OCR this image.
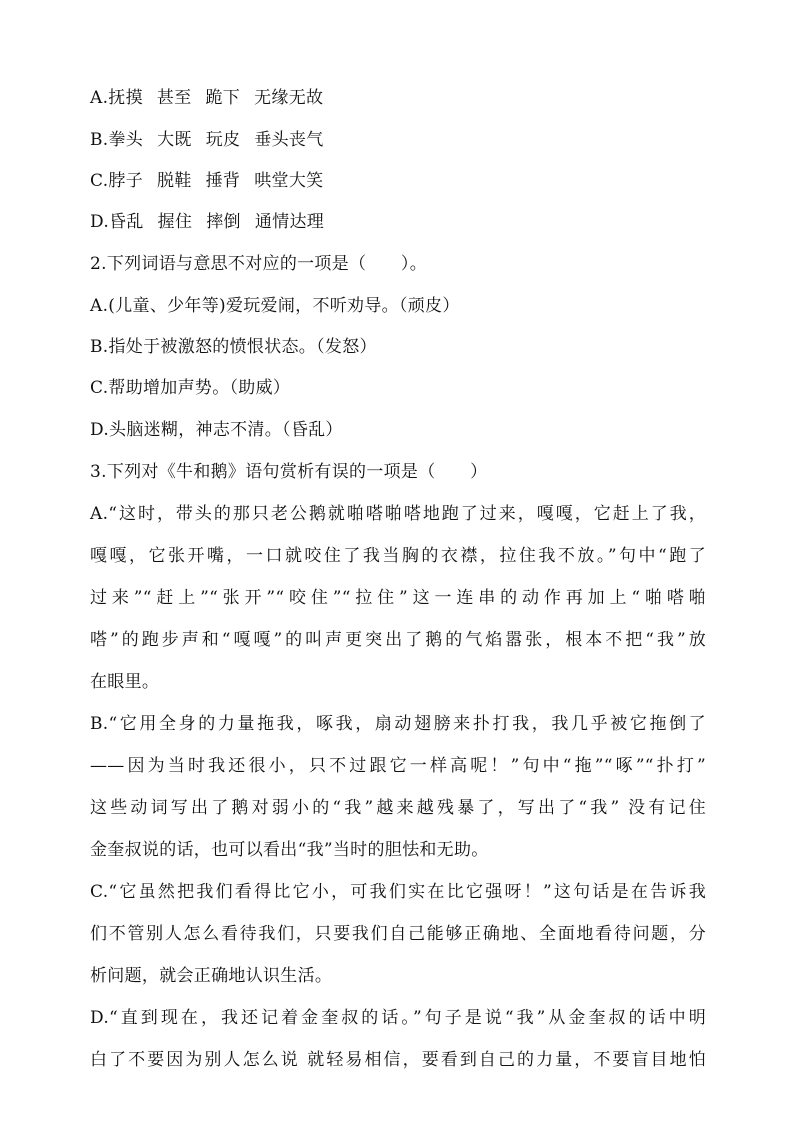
A.抚摸 甚至 跪下 无缘无故
B.拳头 大既 玩皮 垂头丧气
C.脖子 脱鞋 捶背 哄堂大笑
D.昏乱 握住 摔倒 通情达理
2.下列词语与意思不对应的一项是（　　）。
A.(儿童、少年等)爱玩爱闹，不听劝导。（顽皮）
B.指处于被激怒的愤恨状态。（发怒）
C.帮助增加声势。（助威）
D.头脑迷糊，神志不清。（昏乱）
3.下列对《牛和鹅》语句赏析有误的一项是（　　）
A.“这时，带头的那只老公鹅就啪嗒啪嗒地跑了过来，嘎嘎，它赶上了我，
嘎嘎，它张开嘴，一口就咬住了我当胸的衣襟，拉住我不放。”句中“跑了
过来”“赶上”“张开”“咬住”“拉住”这一连串的动作再加上“啪嗒啪
嗒”的跑步声和“嘎嘎”的叫声更突出了鹅的气焰嚣张，根本不把“我”放
在眼里。
B.“它用全身的力量拖我，啄我，扇动翅膀来扑打我，我几乎被它拖倒了
——因为当时我还很小，只不过跟它一样高呢！”句中“拖”“啄”“扑打”
这些动词写出了鹅对弱小的“我”越来越残暴了，写出了“我” 没有记住
金奎叔说的话，也可以看出“我”当时的胆怯和无助。
C.“它虽然把我们看得比它小，可我们实在比它强呀！”这句话是在告诉我
们不管别人怎么看待我们，只要我们自己能够正确地、全面地看待问题，分
析问题，就会正确地认识生活。
D.“直到现在，我还记着金奎叔的话。”句子是说“我”从金奎叔的话中明
白了不要因为别人怎么说 就轻易相信，要看到自己的力量，不要盲目地怕
